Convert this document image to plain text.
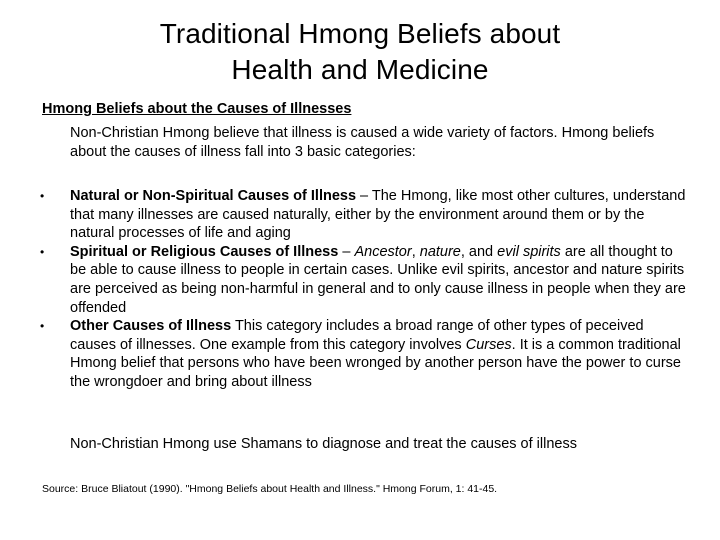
Traditional Hmong Beliefs about
Health and Medicine
Hmong Beliefs about the Causes of Illnesses
Non-Christian Hmong believe that illness is caused a wide variety of factors. Hmong beliefs about the causes of illness fall into 3 basic categories:
•	Natural or Non-Spiritual Causes of Illness – The Hmong, like most other cultures, understand that many illnesses are caused naturally, either by the environment around them or by the natural processes of life and aging
•	Spiritual or Religious Causes of Illness – Ancestor, nature, and evil spirits are all thought to be able to cause illness to people in certain cases. Unlike evil spirits, ancestor and nature spirits are perceived as being non-harmful in general and to only cause illness in people when they are offended
•	Other Causes of Illness This category includes a broad range of other types of peceived causes of illnesses. One example from this category involves Curses. It is a common traditional Hmong belief that persons who have been wronged by another person have the power to curse the wrongdoer and bring about illness
Non-Christian Hmong use Shamans to diagnose and treat the causes of illness
Source: Bruce Bliatout (1990). "Hmong Beliefs about Health and Illness." Hmong Forum, 1: 41-45.
